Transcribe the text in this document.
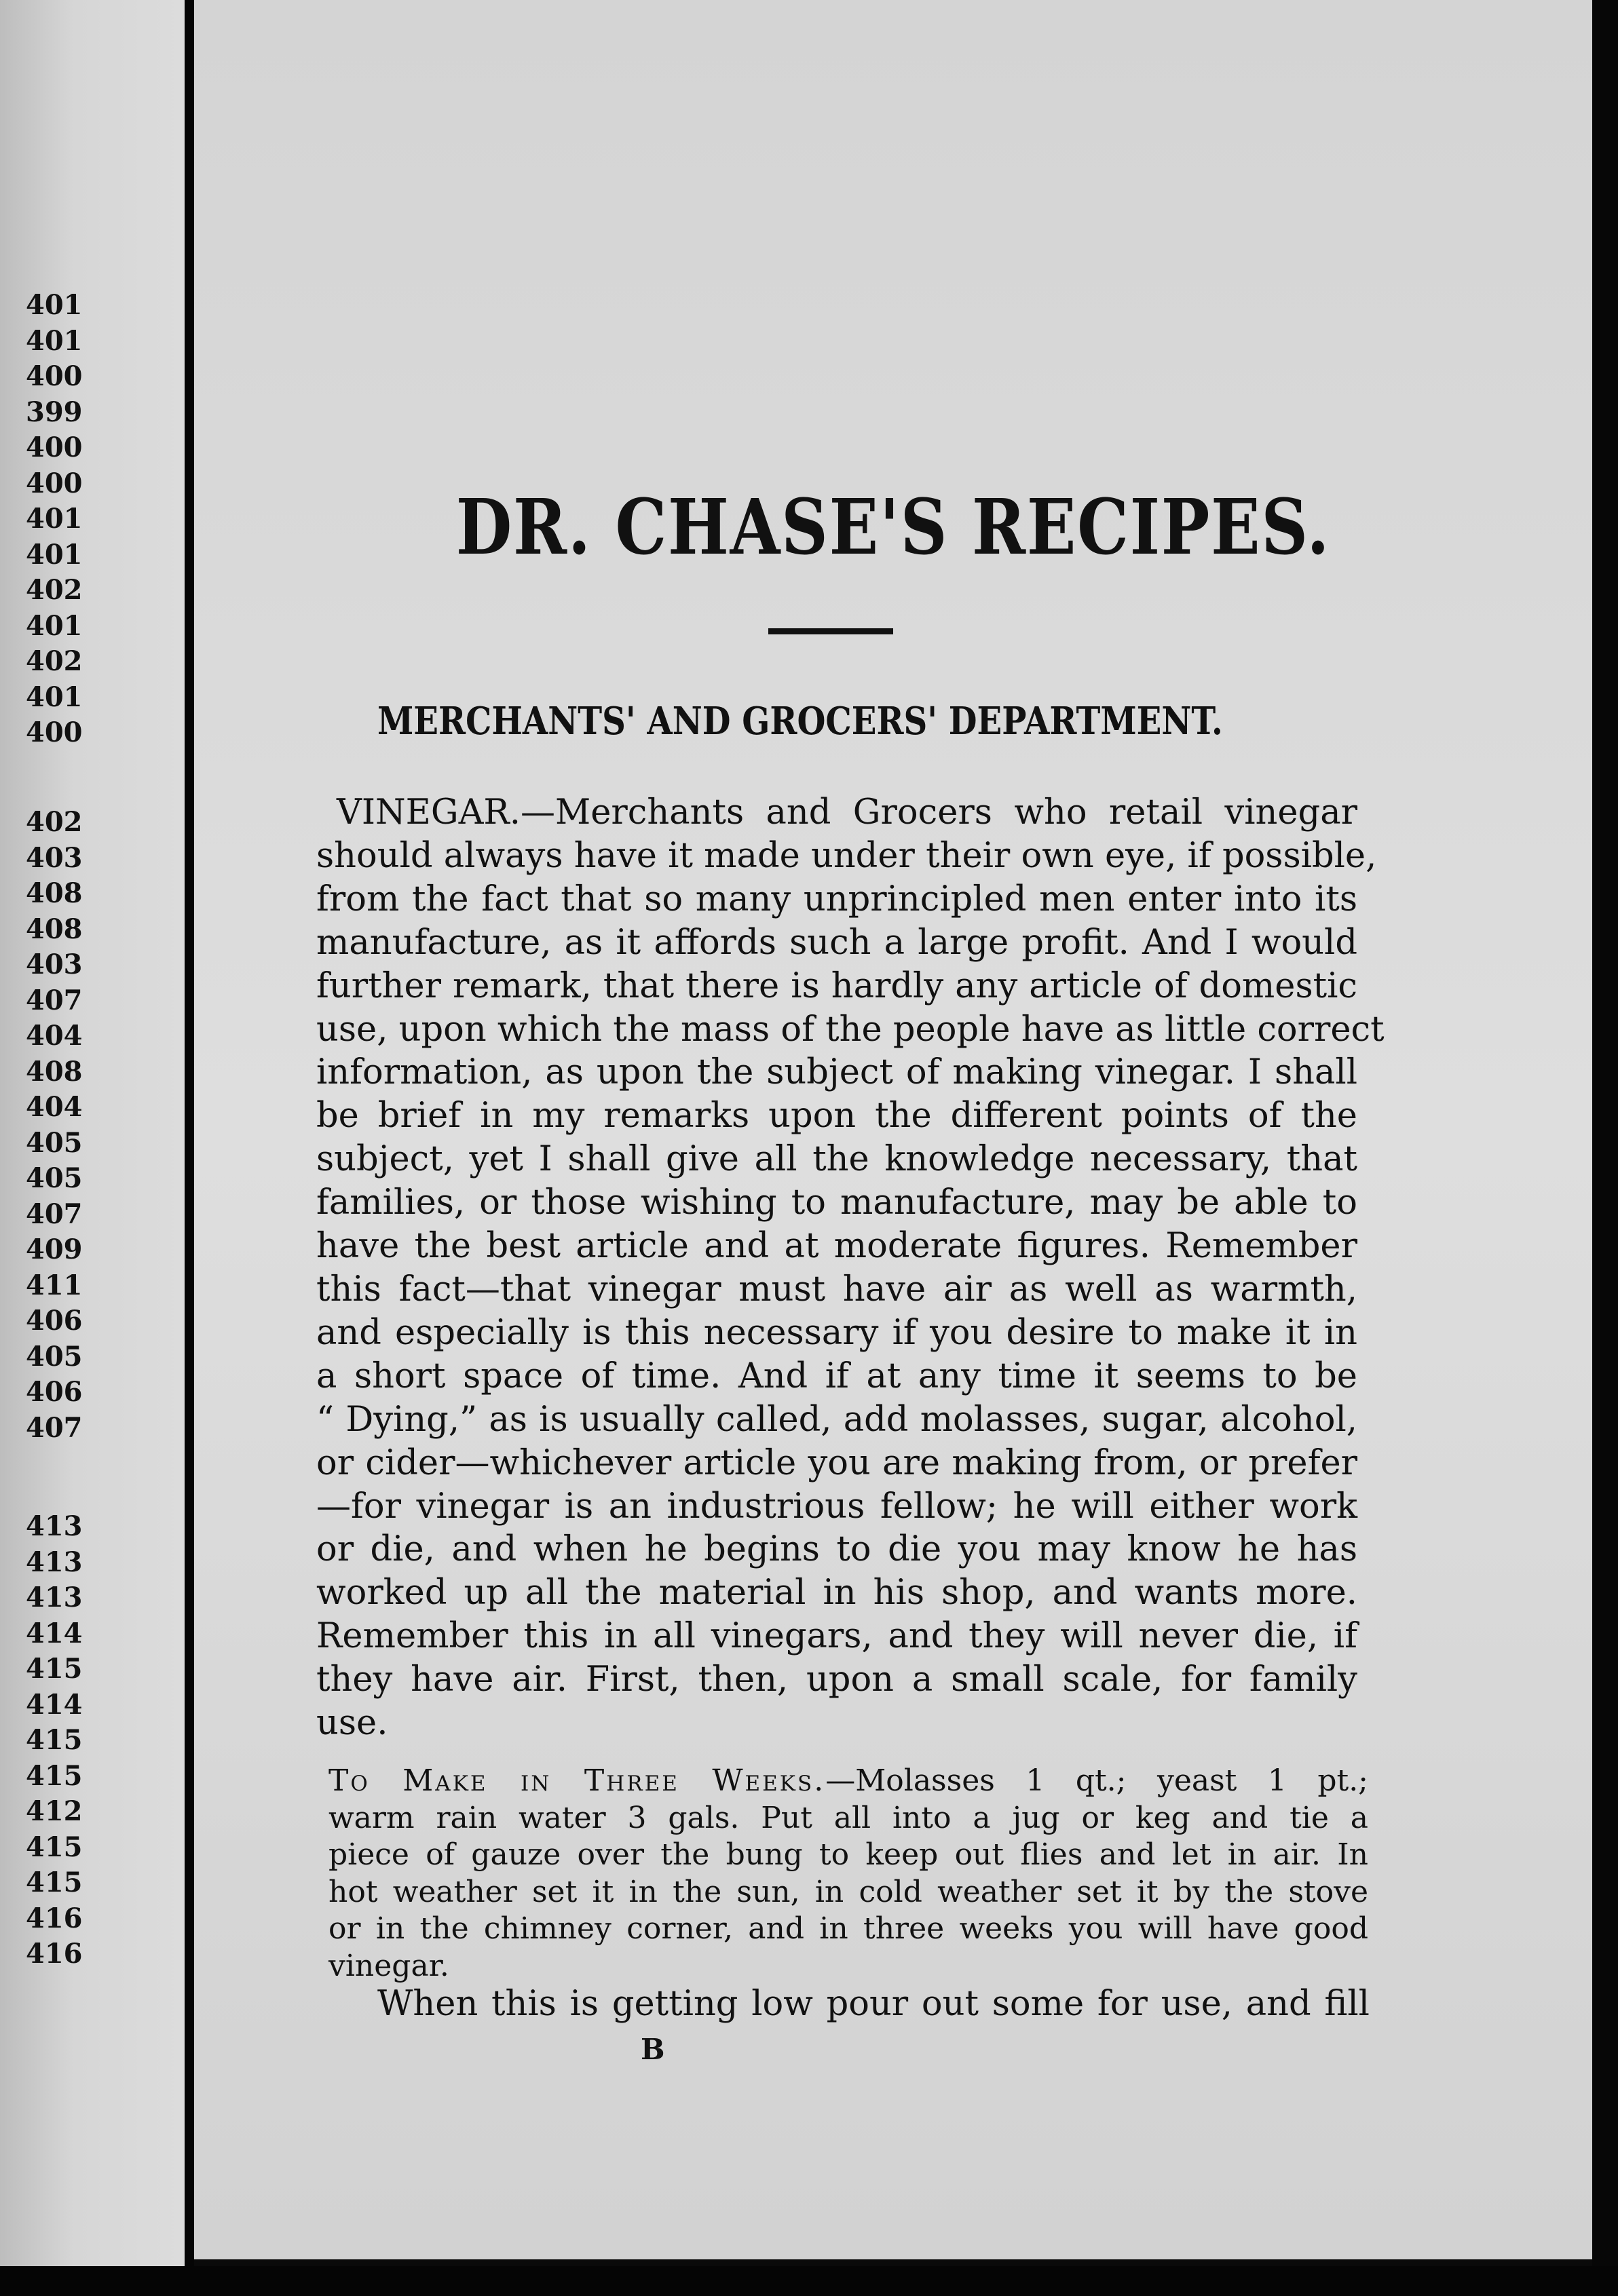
401
401
400
399
400
400
401
401
402
401
402
401
400
402
403
408
408
403
407
404
408
404
405
405
407
409
411
406
405
406
407
413
413
413
414
415
414
415
415
412
415
415
416
416
DR. CHASE'S RECIPES.
MERCHANTS' AND GROCERS' DEPARTMENT.
VINEGAR.—Merchants and Grocers who retail vinegar
should always have it made under their own eye, if possible,
from the fact that so many unprincipled men enter into its
manufacture, as it affords such a large profit. And I would
further remark, that there is hardly any article of domestic
use, upon which the mass of the people have as little correct
information, as upon the subject of making vinegar. I shall
be brief in my remarks upon the different points of the
subject, yet I shall give all the knowledge necessary, that
families, or those wishing to manufacture, may be able to
have the best article and at moderate figures. Remember
this fact—that vinegar must have air as well as warmth,
and especially is this necessary if you desire to make it in
a short space of time. And if at any time it seems to be
“ Dying,” as is usually called, add molasses, sugar, alcohol,
or cider—whichever article you are making from, or prefer
—for vinegar is an industrious fellow; he will either work
or die, and when he begins to die you may know he has
worked up all the material in his shop, and wants more.
Remember this in all vinegars, and they will never die, if
they have air. First, then, upon a small scale, for family
use.
To Make in Three Weeks.—Molasses 1 qt.; yeast 1 pt.;
warm rain water 3 gals. Put all into a jug or keg and tie a
piece of gauze over the bung to keep out flies and let in air. In
hot weather set it in the sun, in cold weather set it by the stove
or in the chimney corner, and in three weeks you will have good
vinegar.
When this is getting low pour out some for use, and fill
B
